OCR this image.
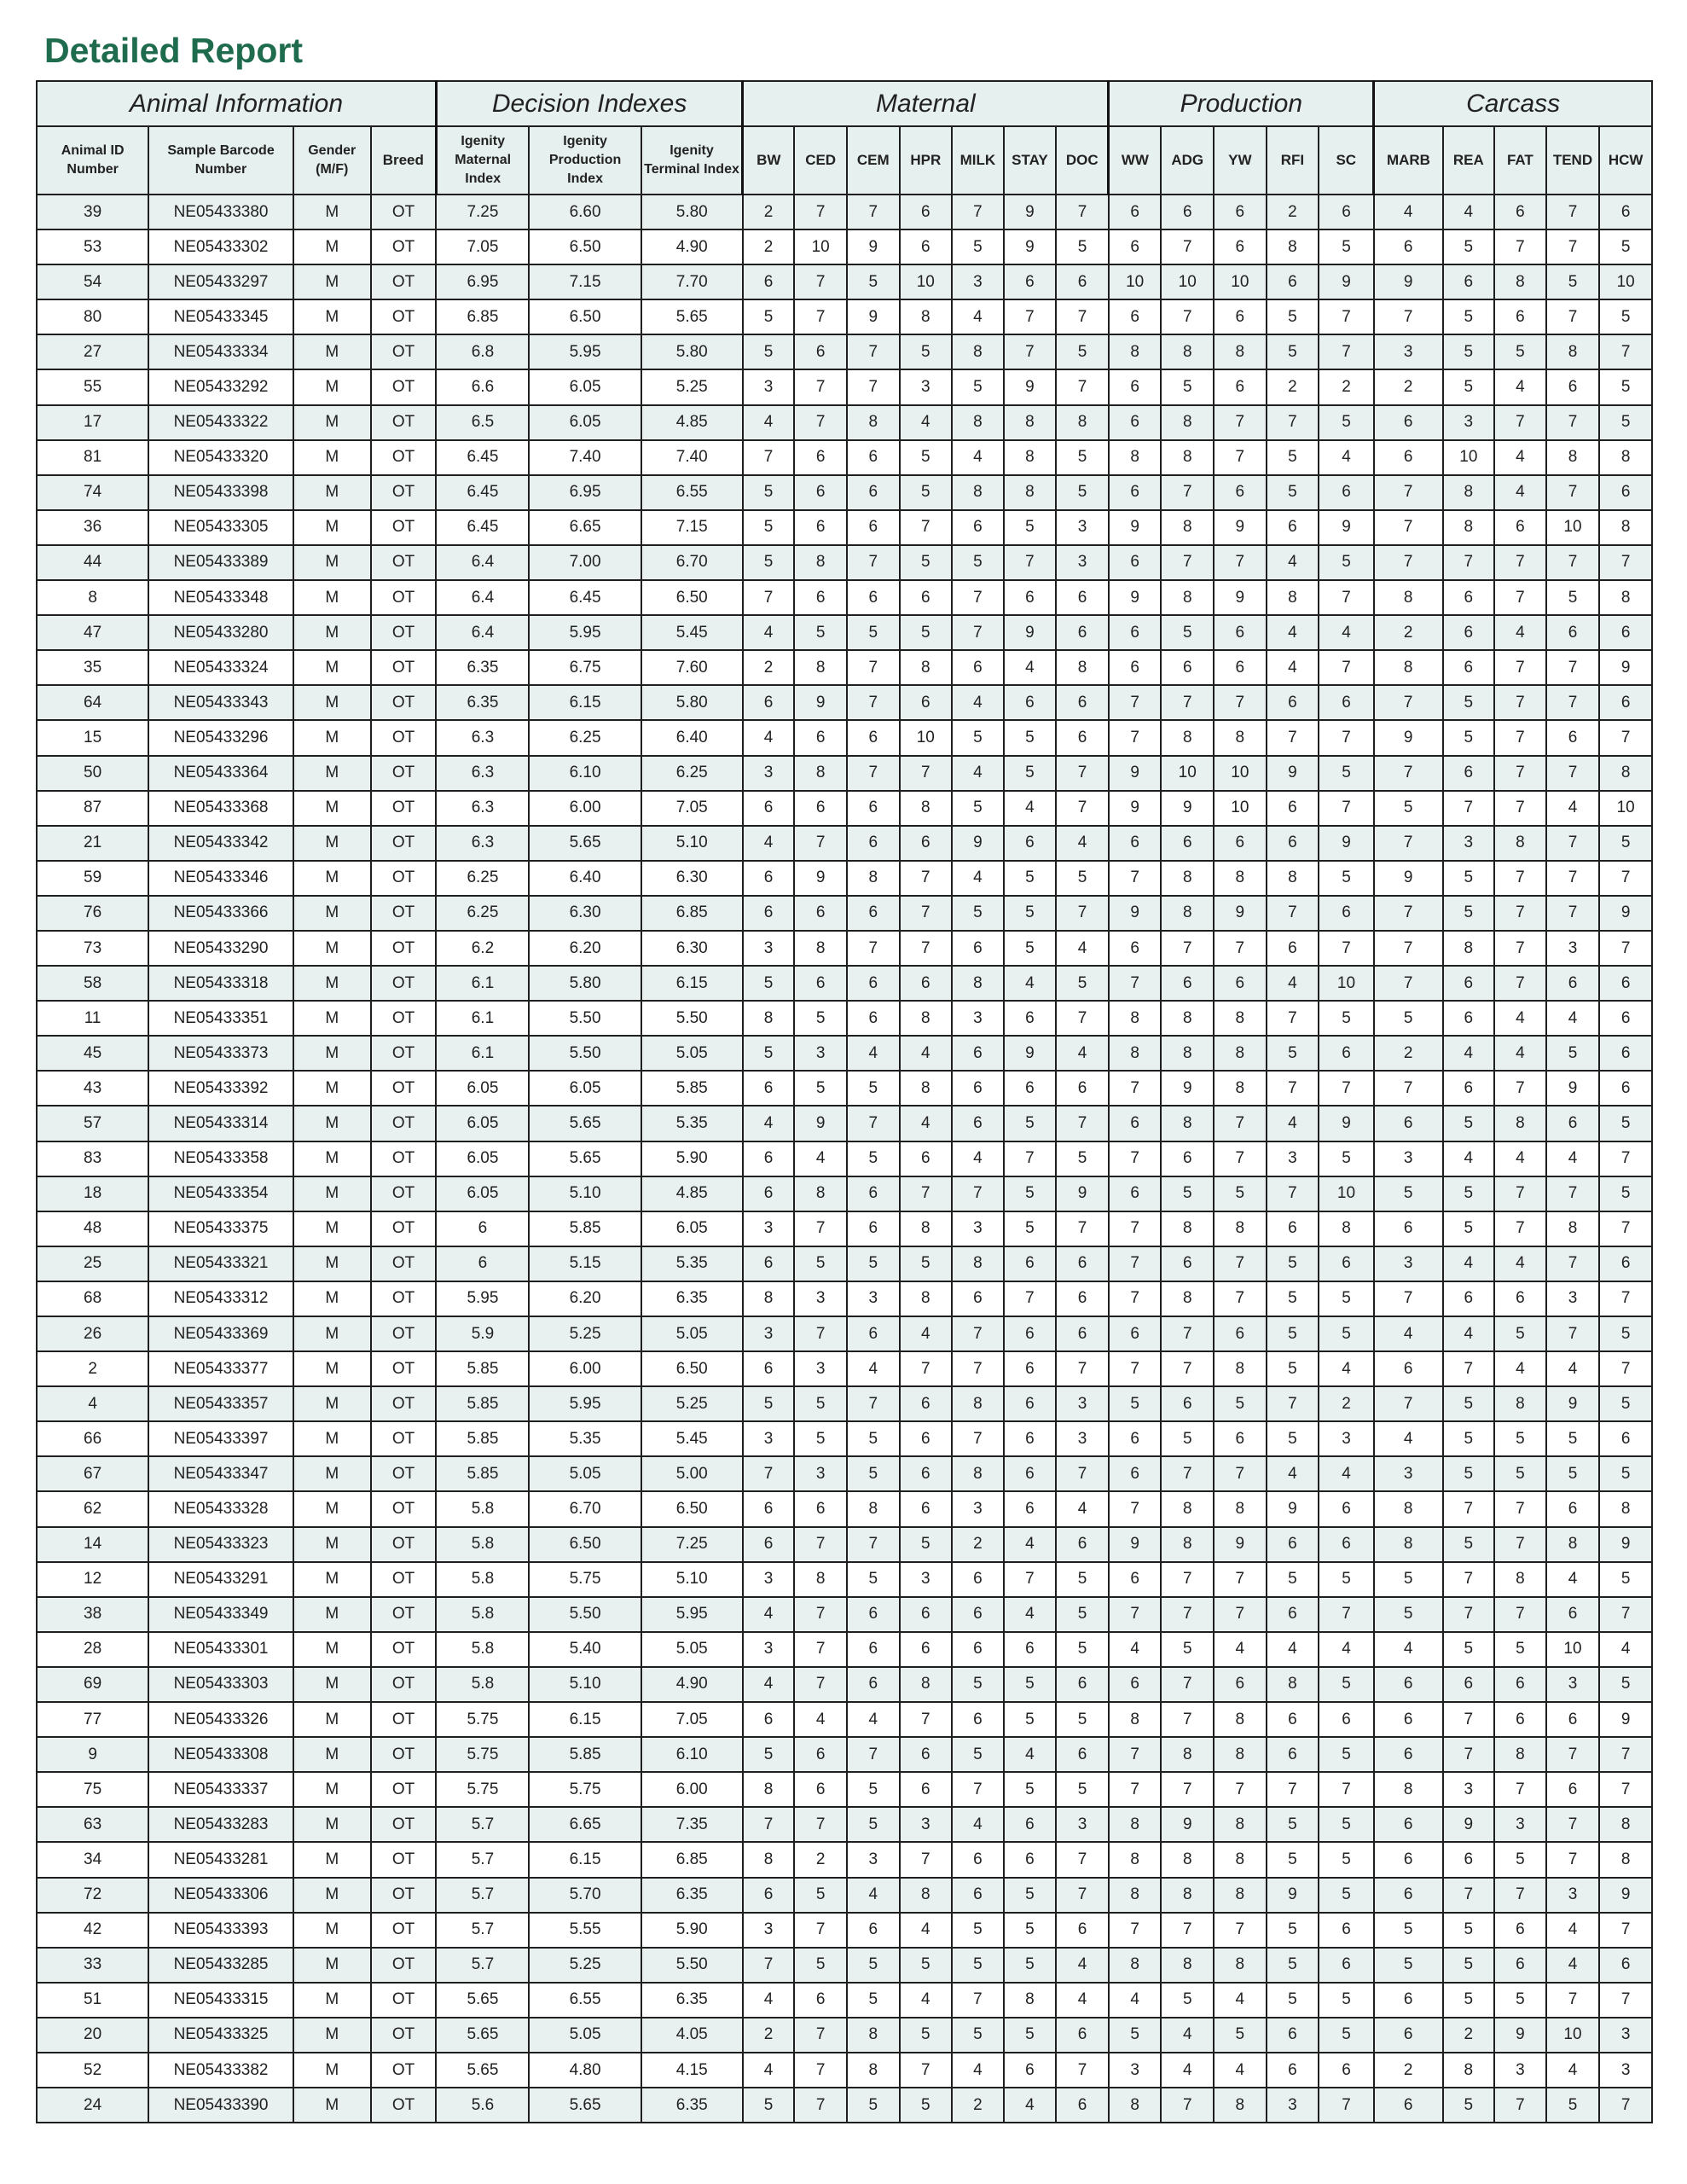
Detailed Report
Animal Information				Decision Indexes			Maternal							Production					Carcass				
Animal ID Number	Sample Barcode Number	Gender (M/F)	Breed	Igenity Maternal Index	Igenity Production Index	Igenity Terminal Index	BW	CED	CEM	HPR	MILK	STAY	DOC	WW	ADG	YW	RFI	SC	MARB	REA	FAT	TEND	HCW
39	NE05433380	M	OT	7.25	6.60	5.80	2	7	7	6	7	9	7	6	6	6	2	6	4	4	6	7	6
53	NE05433302	M	OT	7.05	6.50	4.90	2	10	9	6	5	9	5	6	7	6	8	5	6	5	7	7	5
54	NE05433297	M	OT	6.95	7.15	7.70	6	7	5	10	3	6	6	10	10	10	6	9	9	6	8	5	10
80	NE05433345	M	OT	6.85	6.50	5.65	5	7	9	8	4	7	7	6	7	6	5	7	7	5	6	7	5
27	NE05433334	M	OT	6.8	5.95	5.80	5	6	7	5	8	7	5	8	8	8	5	7	3	5	5	8	7
55	NE05433292	M	OT	6.6	6.05	5.25	3	7	7	3	5	9	7	6	5	6	2	2	2	5	4	6	5
17	NE05433322	M	OT	6.5	6.05	4.85	4	7	8	4	8	8	8	6	8	7	7	5	6	3	7	7	5
81	NE05433320	M	OT	6.45	7.40	7.40	7	6	6	5	4	8	5	8	8	7	5	4	6	10	4	8	8
74	NE05433398	M	OT	6.45	6.95	6.55	5	6	6	5	8	8	5	6	7	6	5	6	7	8	4	7	6
36	NE05433305	M	OT	6.45	6.65	7.15	5	6	6	7	6	5	3	9	8	9	6	9	7	8	6	10	8
44	NE05433389	M	OT	6.4	7.00	6.70	5	8	7	5	5	7	3	6	7	7	4	5	7	7	7	7	7
8	NE05433348	M	OT	6.4	6.45	6.50	7	6	6	6	7	6	6	9	8	9	8	7	8	6	7	5	8
47	NE05433280	M	OT	6.4	5.95	5.45	4	5	5	5	7	9	6	6	5	6	4	4	2	6	4	6	6
35	NE05433324	M	OT	6.35	6.75	7.60	2	8	7	8	6	4	8	6	6	6	4	7	8	6	7	7	9
64	NE05433343	M	OT	6.35	6.15	5.80	6	9	7	6	4	6	6	7	7	7	6	6	7	5	7	7	6
15	NE05433296	M	OT	6.3	6.25	6.40	4	6	6	10	5	5	6	7	8	8	7	7	9	5	7	6	7
50	NE05433364	M	OT	6.3	6.10	6.25	3	8	7	7	4	5	7	9	10	10	9	5	7	6	7	7	8
87	NE05433368	M	OT	6.3	6.00	7.05	6	6	6	8	5	4	7	9	9	10	6	7	5	7	7	4	10
21	NE05433342	M	OT	6.3	5.65	5.10	4	7	6	6	9	6	4	6	6	6	6	9	7	3	8	7	5
59	NE05433346	M	OT	6.25	6.40	6.30	6	9	8	7	4	5	5	7	8	8	8	5	9	5	7	7	7
76	NE05433366	M	OT	6.25	6.30	6.85	6	6	6	7	5	5	7	9	8	9	7	6	7	5	7	7	9
73	NE05433290	M	OT	6.2	6.20	6.30	3	8	7	7	6	5	4	6	7	7	6	7	7	8	7	3	7
58	NE05433318	M	OT	6.1	5.80	6.15	5	6	6	6	8	4	5	7	6	6	4	10	7	6	7	6	6
11	NE05433351	M	OT	6.1	5.50	5.50	8	5	6	8	3	6	7	8	8	8	7	5	5	6	4	4	6
45	NE05433373	M	OT	6.1	5.50	5.05	5	3	4	4	6	9	4	8	8	8	5	6	2	4	4	5	6
43	NE05433392	M	OT	6.05	6.05	5.85	6	5	5	8	6	6	6	7	9	8	7	7	7	6	7	9	6
57	NE05433314	M	OT	6.05	5.65	5.35	4	9	7	4	6	5	7	6	8	7	4	9	6	5	8	6	5
83	NE05433358	M	OT	6.05	5.65	5.90	6	4	5	6	4	7	5	7	6	7	3	5	3	4	4	4	7
18	NE05433354	M	OT	6.05	5.10	4.85	6	8	6	7	7	5	9	6	5	5	7	10	5	5	7	7	5
48	NE05433375	M	OT	6	5.85	6.05	3	7	6	8	3	5	7	7	8	8	6	8	6	5	7	8	7
25	NE05433321	M	OT	6	5.15	5.35	6	5	5	5	8	6	6	7	6	7	5	6	3	4	4	7	6
68	NE05433312	M	OT	5.95	6.20	6.35	8	3	3	8	6	7	6	7	8	7	5	5	7	6	6	3	7
26	NE05433369	M	OT	5.9	5.25	5.05	3	7	6	4	7	6	6	6	7	6	5	5	4	4	5	7	5
2	NE05433377	M	OT	5.85	6.00	6.50	6	3	4	7	7	6	7	7	7	8	5	4	6	7	4	4	7
4	NE05433357	M	OT	5.85	5.95	5.25	5	5	7	6	8	6	3	5	6	5	7	2	7	5	8	9	5
66	NE05433397	M	OT	5.85	5.35	5.45	3	5	5	6	7	6	3	6	5	6	5	3	4	5	5	5	6
67	NE05433347	M	OT	5.85	5.05	5.00	7	3	5	6	8	6	7	6	7	7	4	4	3	5	5	5	5
62	NE05433328	M	OT	5.8	6.70	6.50	6	6	8	6	3	6	4	7	8	8	9	6	8	7	7	6	8
14	NE05433323	M	OT	5.8	6.50	7.25	6	7	7	5	2	4	6	9	8	9	6	6	8	5	7	8	9
12	NE05433291	M	OT	5.8	5.75	5.10	3	8	5	3	6	7	5	6	7	7	5	5	5	7	8	4	5
38	NE05433349	M	OT	5.8	5.50	5.95	4	7	6	6	6	4	5	7	7	7	6	7	5	7	7	6	7
28	NE05433301	M	OT	5.8	5.40	5.05	3	7	6	6	6	6	5	4	5	4	4	4	4	5	5	10	4
69	NE05433303	M	OT	5.8	5.10	4.90	4	7	6	8	5	5	6	6	7	6	8	5	6	6	6	3	5
77	NE05433326	M	OT	5.75	6.15	7.05	6	4	4	7	6	5	5	8	7	8	6	6	6	7	6	6	9
9	NE05433308	M	OT	5.75	5.85	6.10	5	6	7	6	5	4	6	7	8	8	6	5	6	7	8	7	7
75	NE05433337	M	OT	5.75	5.75	6.00	8	6	5	6	7	5	5	7	7	7	7	7	8	3	7	6	7
63	NE05433283	M	OT	5.7	6.65	7.35	7	7	5	3	4	6	3	8	9	8	5	5	6	9	3	7	8
34	NE05433281	M	OT	5.7	6.15	6.85	8	2	3	7	6	6	7	8	8	8	5	5	6	6	5	7	8
72	NE05433306	M	OT	5.7	5.70	6.35	6	5	4	8	6	5	7	8	8	8	9	5	6	7	7	3	9
42	NE05433393	M	OT	5.7	5.55	5.90	3	7	6	4	5	5	6	7	7	7	5	6	5	5	6	4	7
33	NE05433285	M	OT	5.7	5.25	5.50	7	5	5	5	5	5	4	8	8	8	5	6	5	5	6	4	6
51	NE05433315	M	OT	5.65	6.55	6.35	4	6	5	4	7	8	4	4	5	4	5	5	6	5	5	7	7
20	NE05433325	M	OT	5.65	5.05	4.05	2	7	8	5	5	5	6	5	4	5	6	5	6	2	9	10	3
52	NE05433382	M	OT	5.65	4.80	4.15	4	7	8	7	4	6	7	3	4	4	6	6	2	8	3	4	3
24	NE05433390	M	OT	5.6	5.65	6.35	5	7	5	5	2	4	6	8	7	8	3	7	6	5	7	5	7
